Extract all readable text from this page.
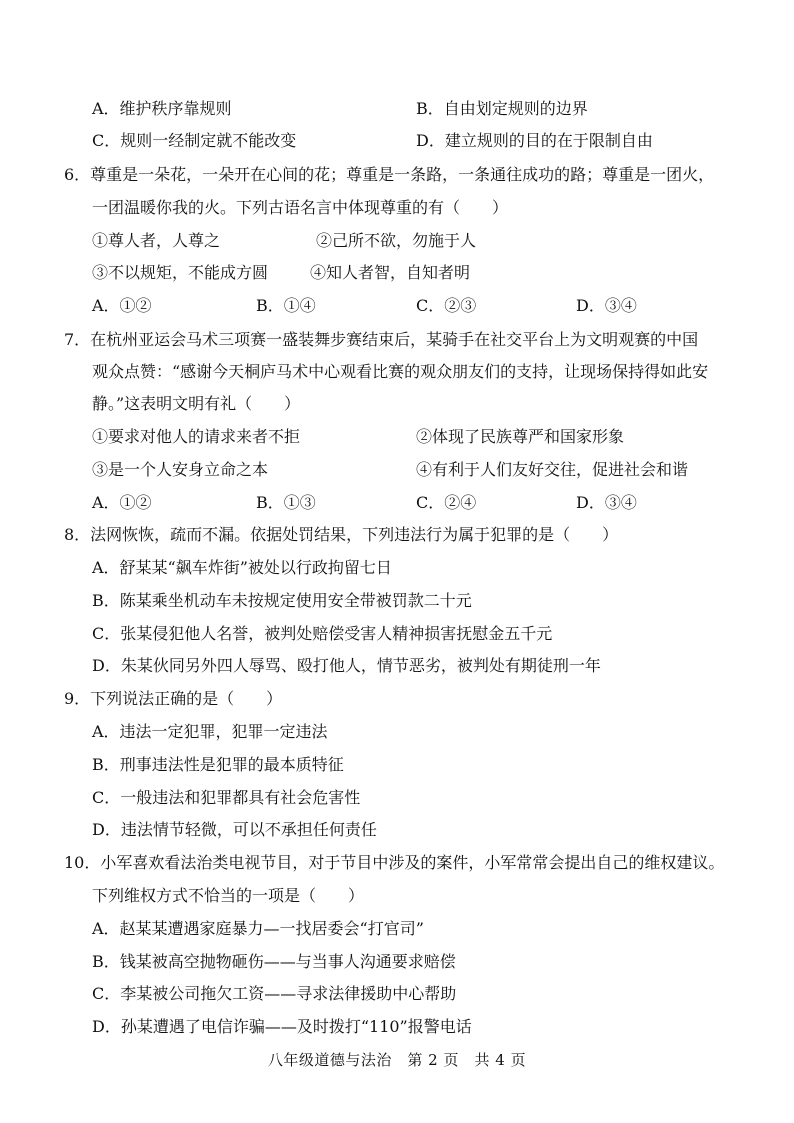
A．维护秩序靠规则	B．自由划定规则的边界
C．规则一经制定就不能改变	D．建立规则的目的在于限制自由
6．尊重是一朵花，一朵开在心间的花；尊重是一条路，一条通往成功的路；尊重是一团火，
一团温暖你我的火。下列古语名言中体现尊重的有（　　）
①尊人者，人尊之	②己所不欲，勿施于人
③不以规矩，不能成方圆	④知人者智，自知者明
A．①②	B．①④	C．②③	D．③④
7．在杭州亚运会马术三项赛一盛装舞步赛结束后，某骑手在社交平台上为文明观赛的中国
观众点赞：“感谢今天桐庐马术中心观看比赛的观众朋友们的支持，让现场保持得如此安
静。”这表明文明有礼（　　）
①要求对他人的请求来者不拒	②体现了民族尊严和国家形象
③是一个人安身立命之本	④有利于人们友好交往，促进社会和谐
A．①②	B．①③	C．②④	D．③④
8．法网恢恢，疏而不漏。依据处罚结果，下列违法行为属于犯罪的是（　　）
A．舒某某“飙车炸街”被处以行政拘留七日
B．陈某乘坐机动车未按规定使用安全带被罚款二十元
C．张某侵犯他人名誉，被判处赔偿受害人精神损害抚慰金五千元
D．朱某伙同另外四人辱骂、殴打他人，情节恶劣，被判处有期徒刑一年
9．下列说法正确的是（　　）
A．违法一定犯罪，犯罪一定违法
B．刑事违法性是犯罪的最本质特征
C．一般违法和犯罪都具有社会危害性
D．违法情节轻微，可以不承担任何责任
10．小军喜欢看法治类电视节目，对于节目中涉及的案件，小军常常会提出自己的维权建议。
下列维权方式不恰当的一项是（　　）
A．赵某某遭遇家庭暴力—一找居委会“打官司”
B．钱某被高空抛物砸伤——与当事人沟通要求赔偿
C．李某被公司拖欠工资——寻求法律援助中心帮助
D．孙某遭遇了电信诈骗——及时拨打“110”报警电话
八年级道德与法治　第 2 页　共 4 页
